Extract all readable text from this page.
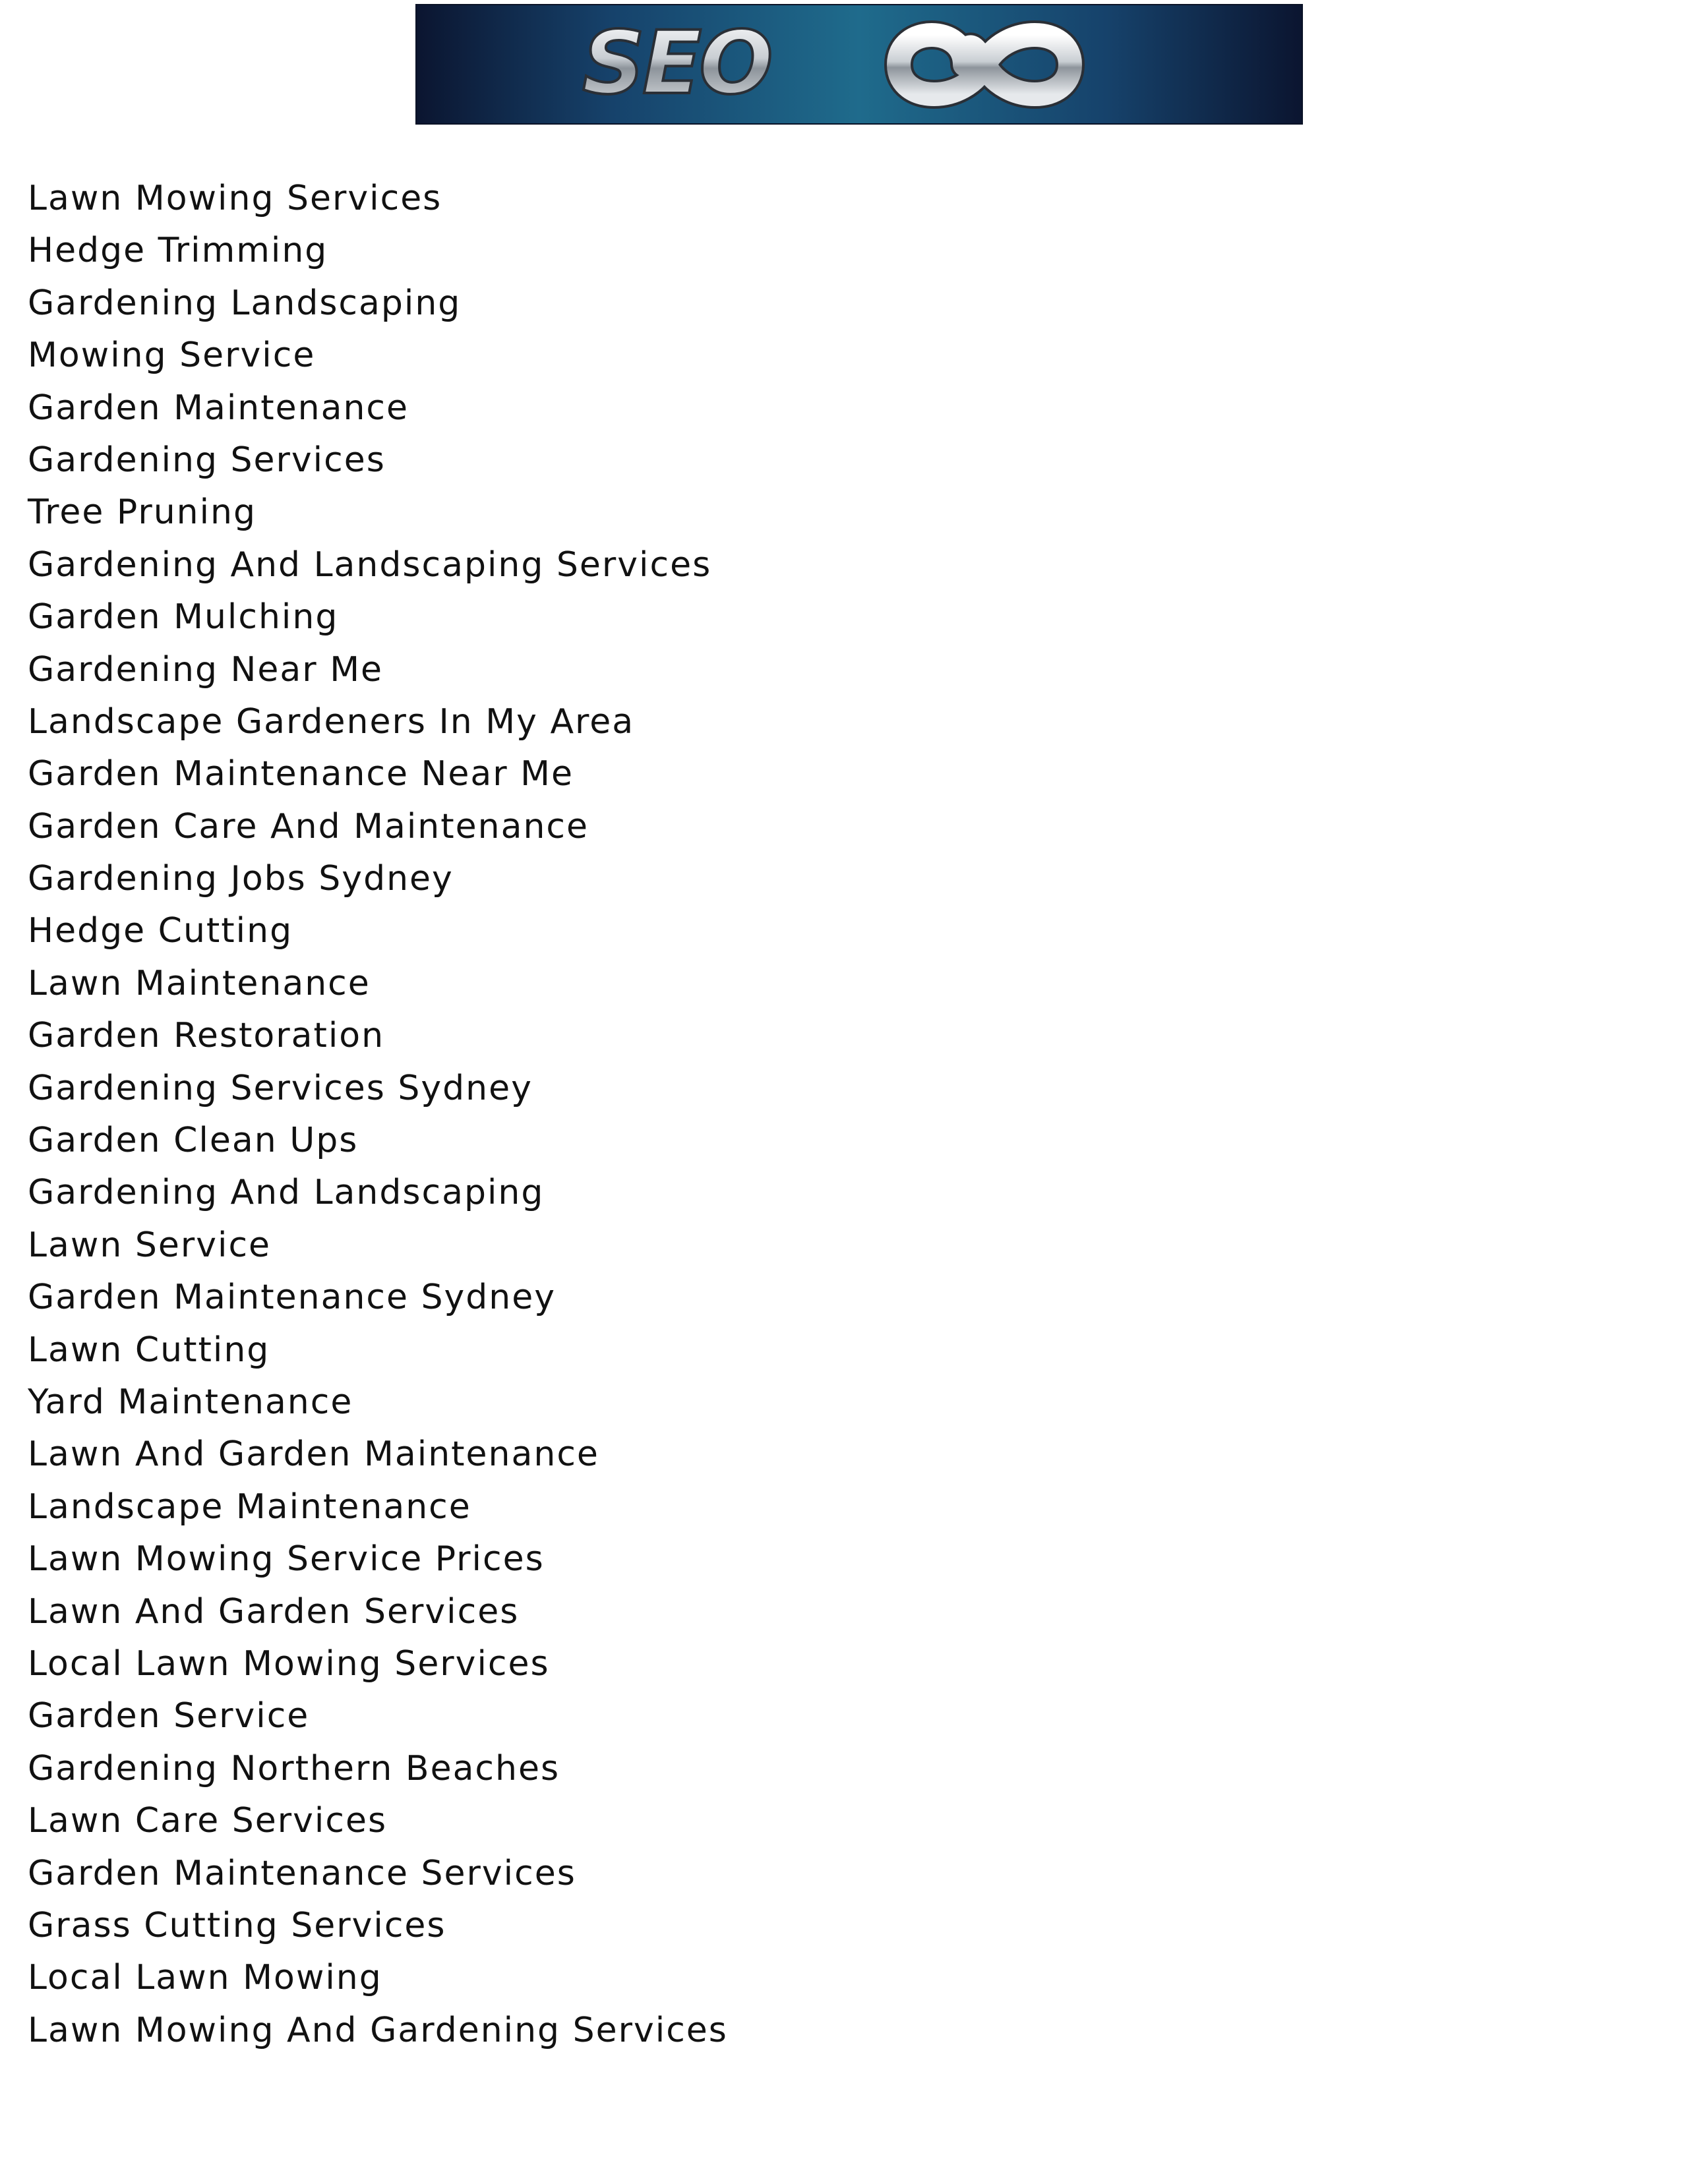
SEO
Lawn Mowing Services
Hedge Trimming
Gardening Landscaping
Mowing Service
Garden Maintenance
Gardening Services
Tree Pruning
Gardening And Landscaping Services
Garden Mulching
Gardening Near Me
Landscape Gardeners In My Area
Garden Maintenance Near Me
Garden Care And Maintenance
Gardening Jobs Sydney
Hedge Cutting
Lawn Maintenance
Garden Restoration
Gardening Services Sydney
Garden Clean Ups
Gardening And Landscaping
Lawn Service
Garden Maintenance Sydney
Lawn Cutting
Yard Maintenance
Lawn And Garden Maintenance
Landscape Maintenance
Lawn Mowing Service Prices
Lawn And Garden Services
Local Lawn Mowing Services
Garden Service
Gardening Northern Beaches
Lawn Care Services
Garden Maintenance Services
Grass Cutting Services
Local Lawn Mowing
Lawn Mowing And Gardening Services
